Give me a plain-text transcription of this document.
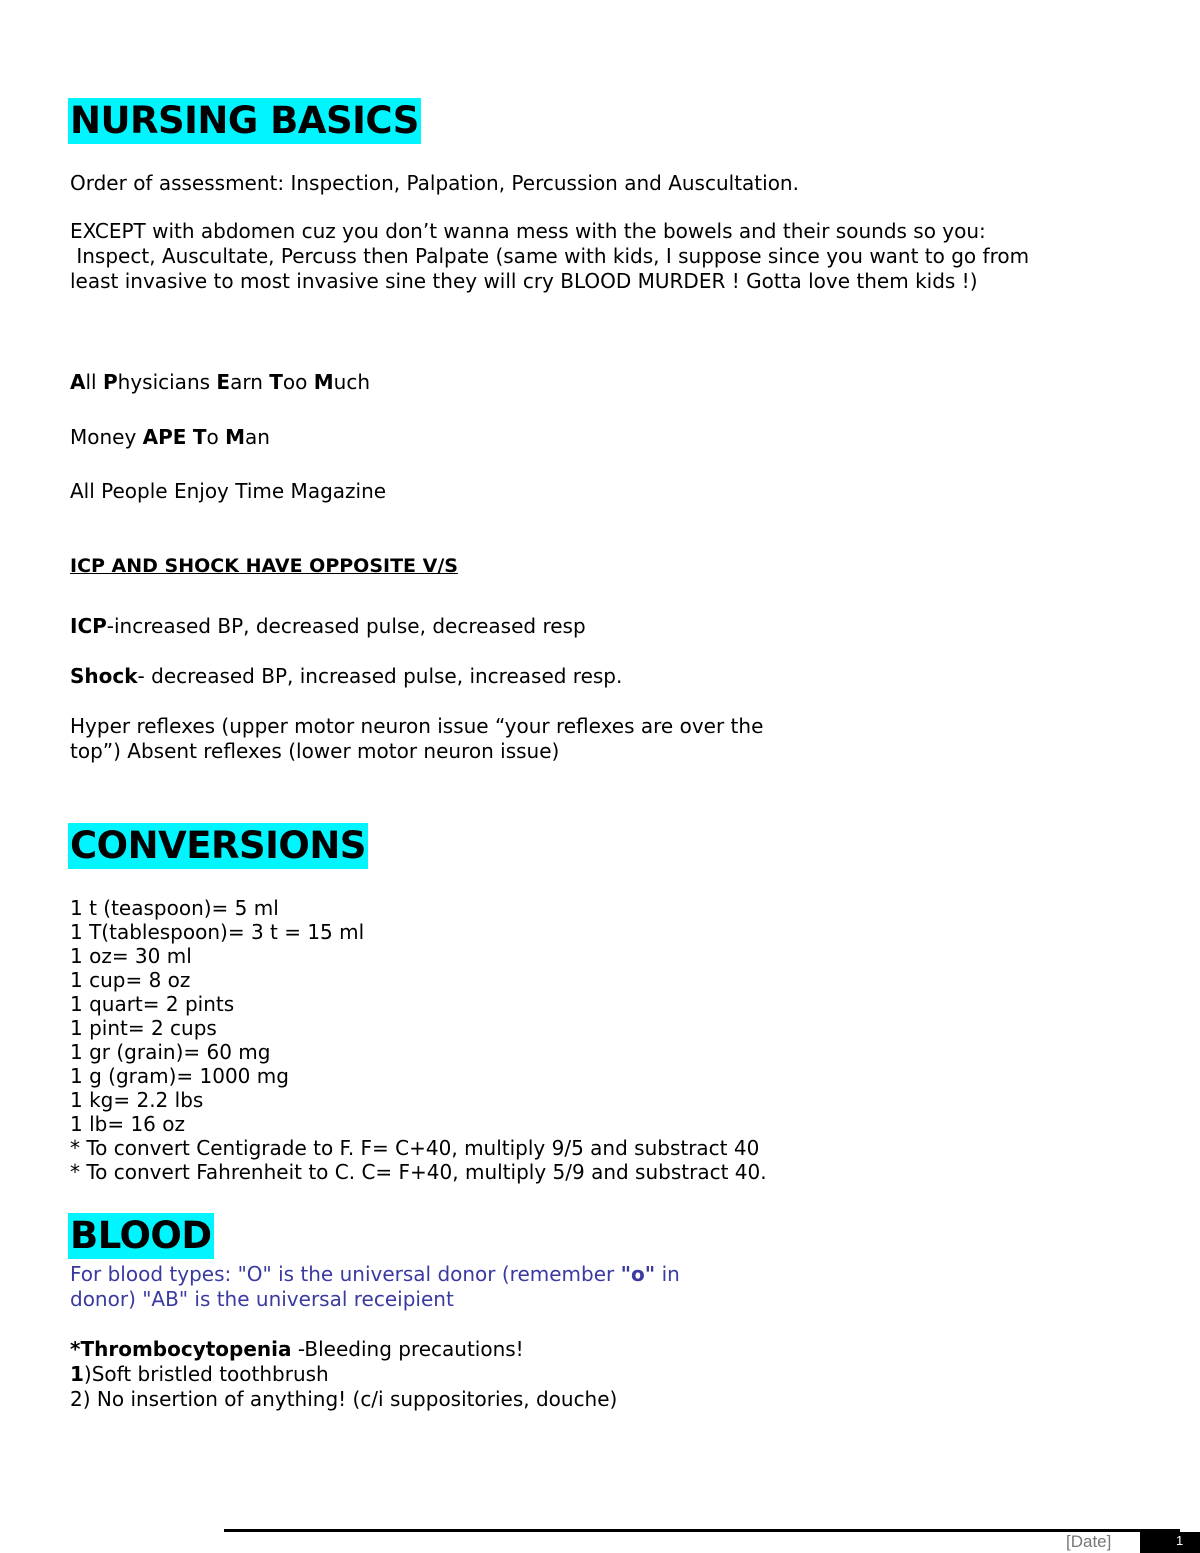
NURSING BASICS
Order of assessment: Inspection, Palpation, Percussion and Auscultation.
EXCEPT with abdomen cuz you don’t wanna mess with the bowels and their sounds so you:
Inspect, Auscultate, Percuss then Palpate (same with kids, I suppose since you want to go from
least invasive to most invasive sine they will cry BLOOD MURDER ! Gotta love them kids !)
All Physicians Earn Too Much
Money APE To Man
All People Enjoy Time Magazine
ICP AND SHOCK HAVE OPPOSITE V/S
ICP-increased BP, decreased pulse, decreased resp
Shock- decreased BP, increased pulse, increased resp.
Hyper reflexes (upper motor neuron issue “your reflexes are over the
top”) Absent reflexes (lower motor neuron issue)
CONVERSIONS
1 t (teaspoon)= 5 ml
1 T(tablespoon)= 3 t = 15 ml
1 oz= 30 ml
1 cup= 8 oz
1 quart= 2 pints
1 pint= 2 cups
1 gr (grain)= 60 mg
1 g (gram)= 1000 mg
1 kg= 2.2 lbs
1 lb= 16 oz
* To convert Centigrade to F. F= C+40, multiply 9/5 and substract 40
* To convert Fahrenheit to C. C= F+40, multiply 5/9 and substract 40.
BLOOD
For blood types: "O" is the universal donor (remember "o" in
donor) "AB" is the universal receipient
*Thrombocytopenia -Bleeding precautions!
1)Soft bristled toothbrush
2) No insertion of anything! (c/i suppositories, douche)
[Date]	1
